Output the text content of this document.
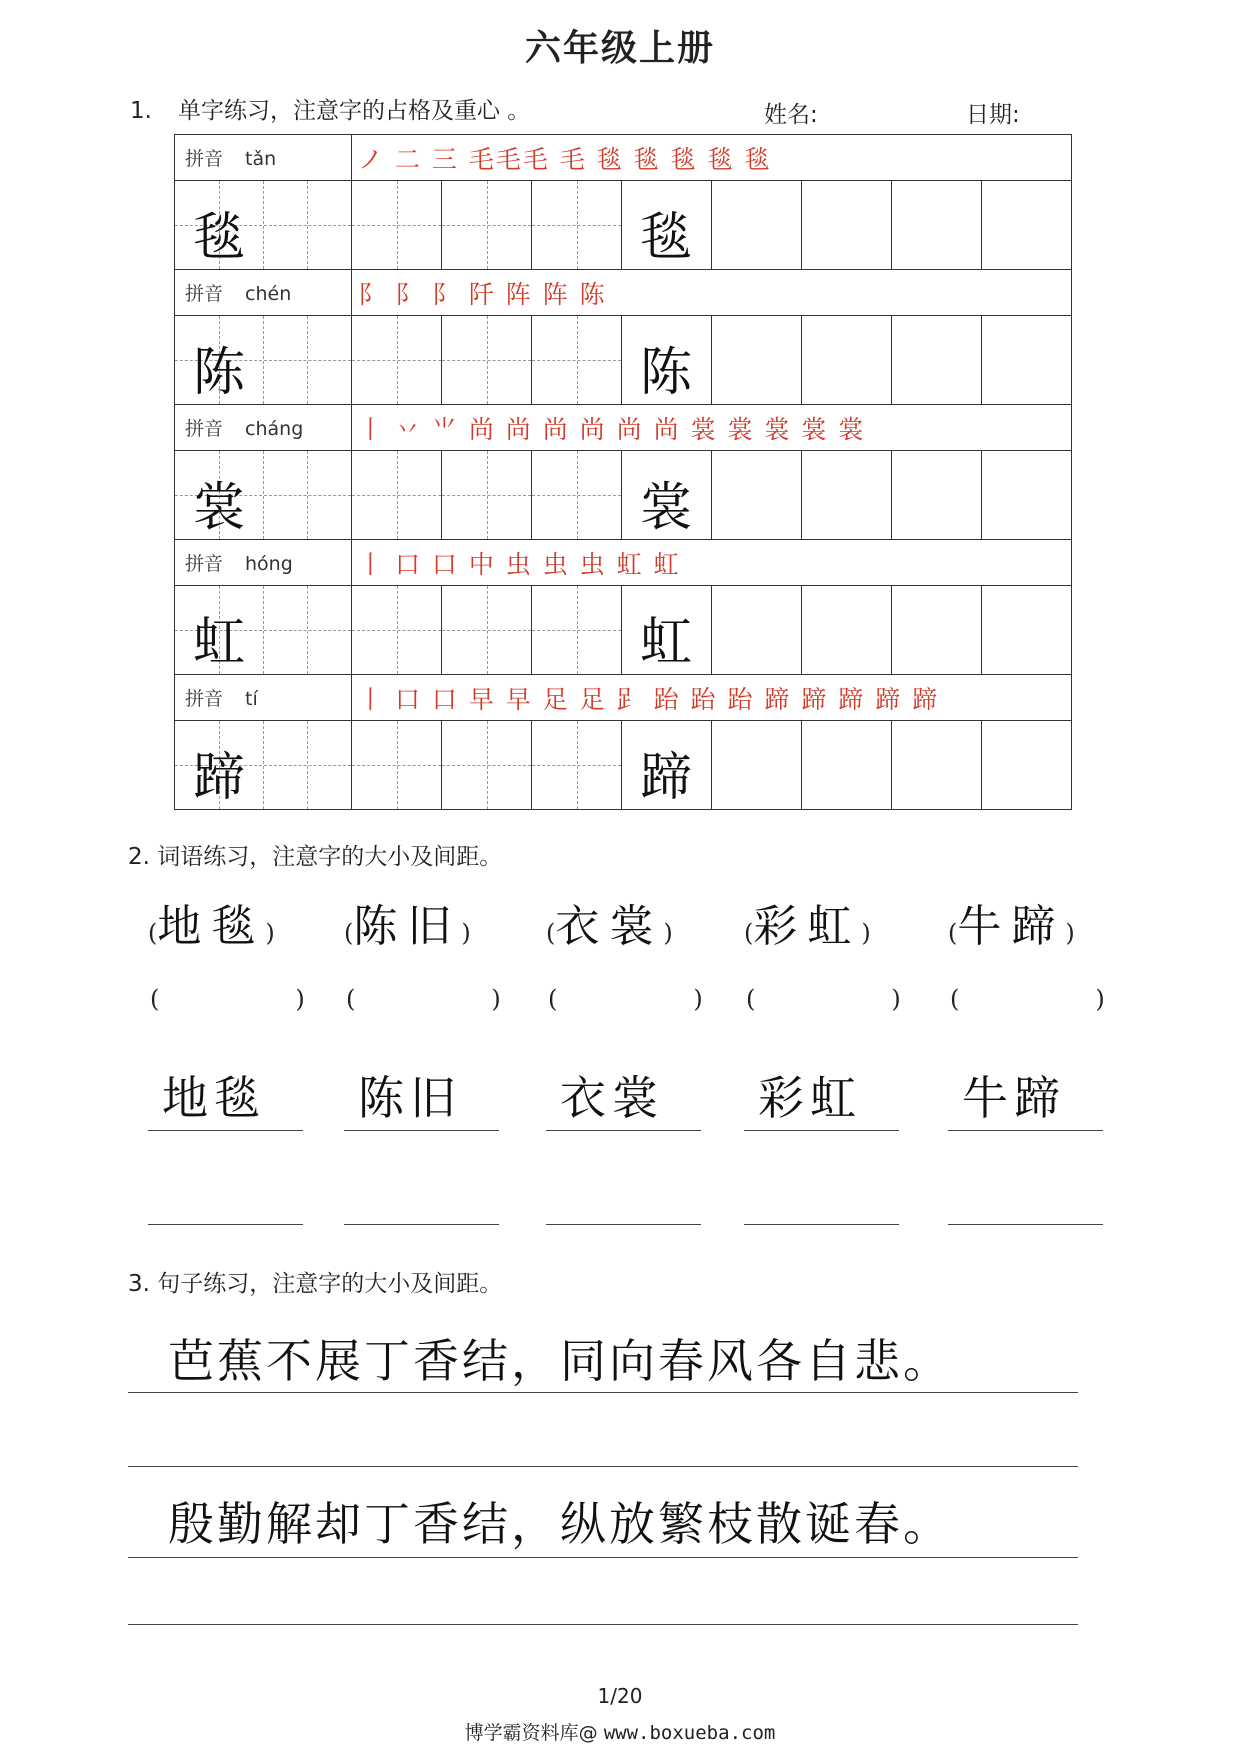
六年级上册
1. 单字练习，注意字的占格及重心 。	姓名:	日期:
拼音 tǎn	ノ 二 三 毛毛毛 毛 毯 毯 毯 毯 毯							

毯				毯				

拼音 chén	阝 阝 阝 阡 阵 阵 陈							

陈				陈				

拼音 cháng	丨 丷 ⺌ 尚 尚 尚 尚 尚 尚 裳 裳 裳 裳 裳							

裳				裳				

拼音 hóng	丨 口 口 中 虫 虫 虫 虹 虹							

虹				虹				

拼音 tí	丨 口 口 早 早 足 足 𧾷 跆 跆 跆 蹄 蹄 蹄 蹄 蹄							

蹄				蹄				

2. 词语练习，注意字的大小及间距。
(地毯)
(	)
地毯
(陈旧)
(	)
陈旧
(衣裳)
(	)
衣裳
(彩虹)
(	)
彩虹
(牛蹄)
(	)
牛蹄
3. 句子练习，注意字的大小及间距。
芭蕉不展丁香结，同向春风各自悲。
殷勤解却丁香结，纵放繁枝散诞春。
1/20
博学霸资料库@ www.boxueba.com
